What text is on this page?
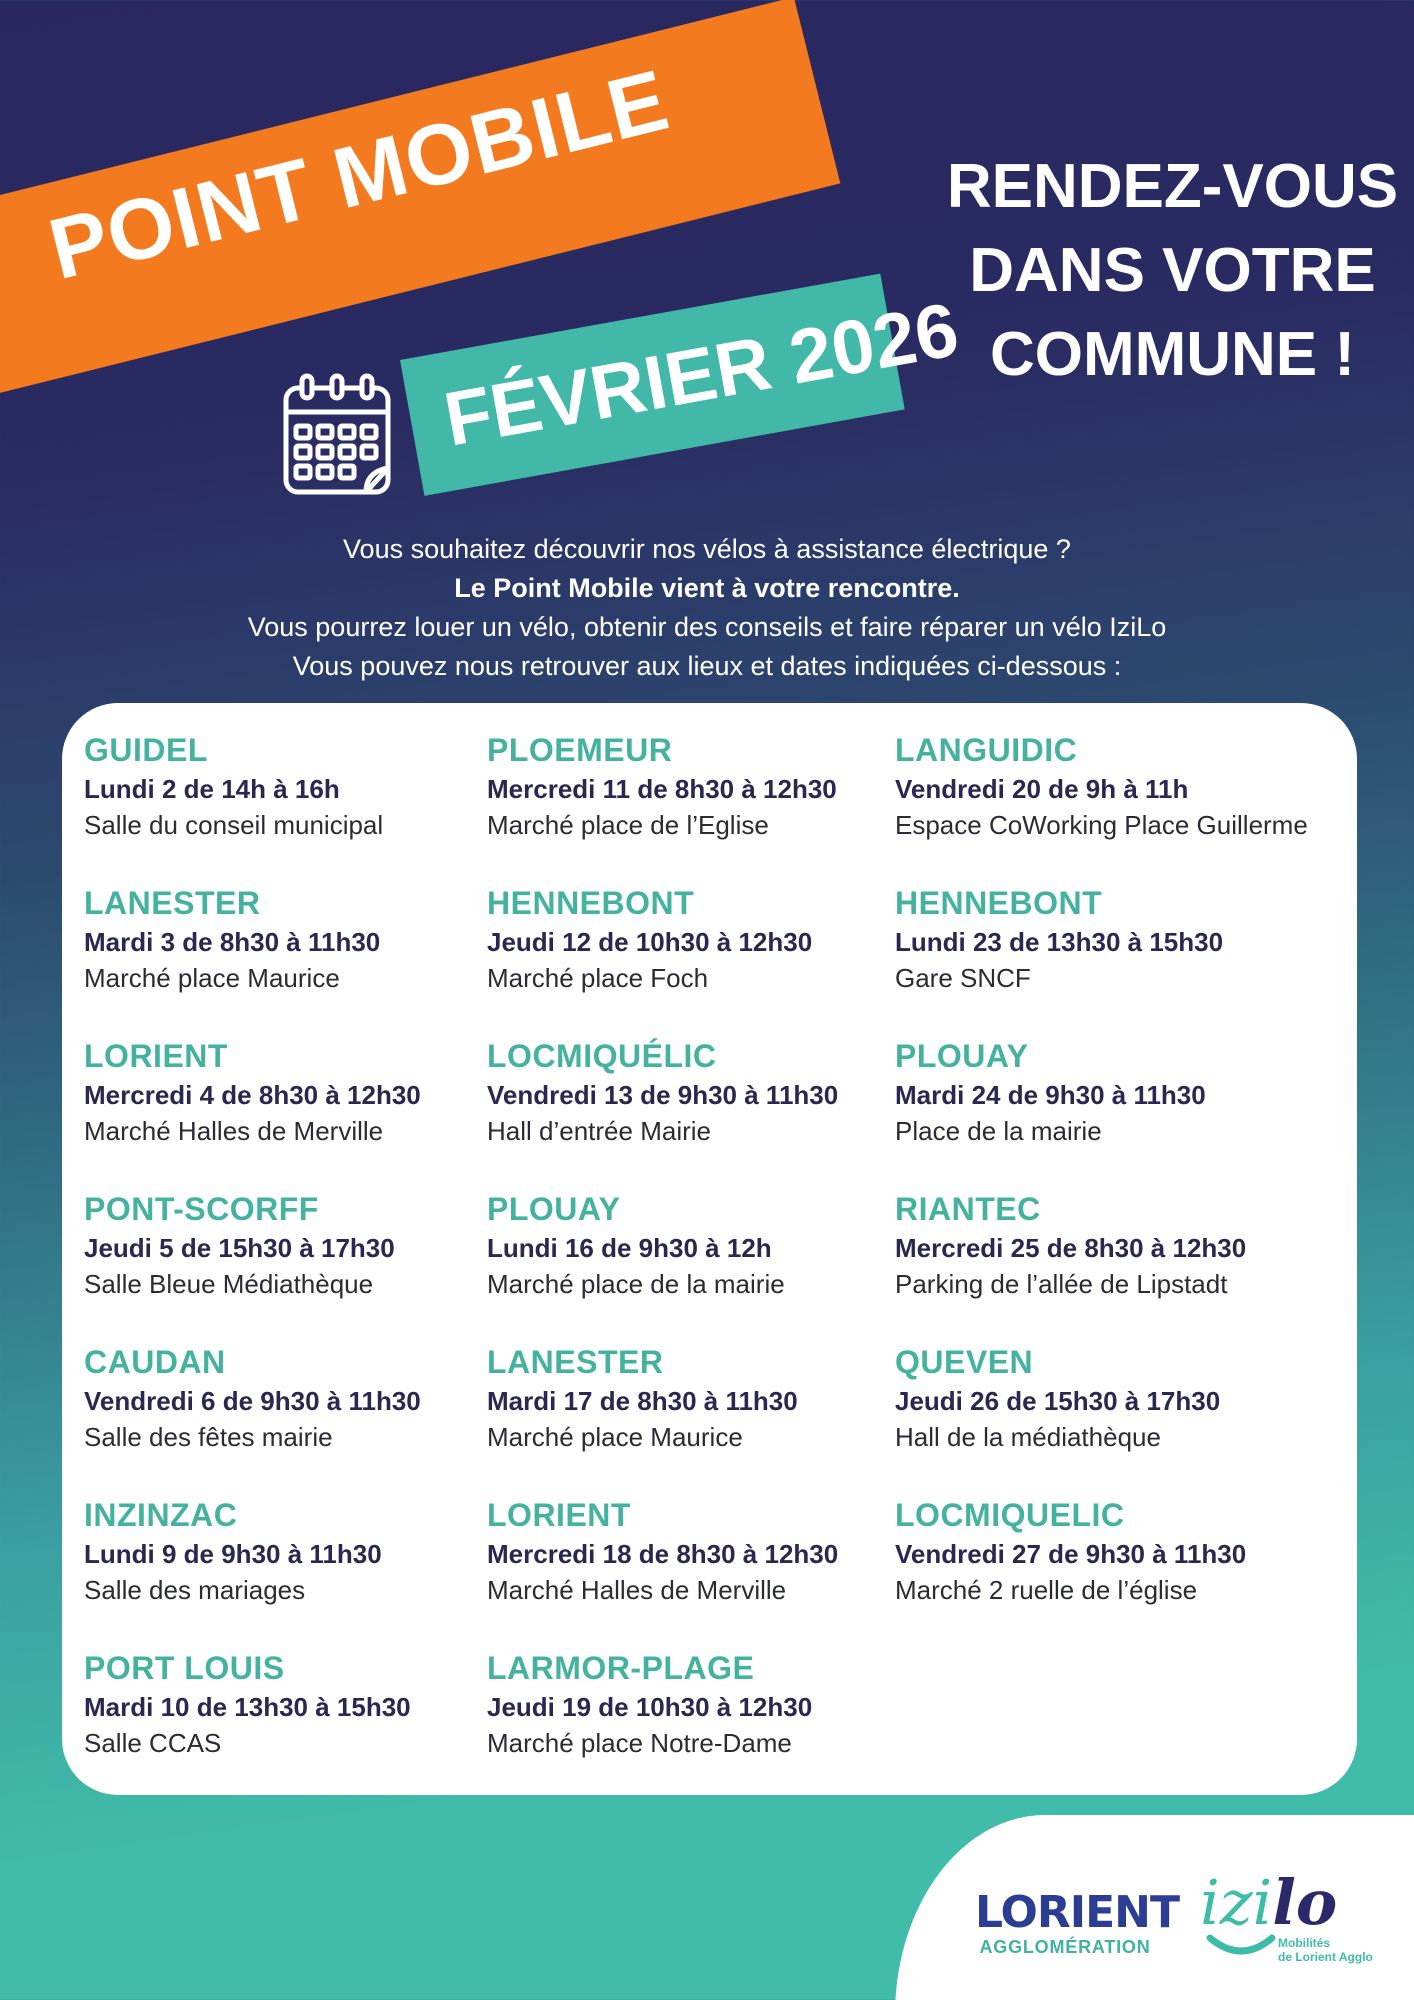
POINT MOBILE
FÉVRIER 2026
RENDEZ-VOUS
DANS VOTRE
COMMUNE !
Vous souhaitez découvrir nos vélos à assistance électrique ?
Le Point Mobile vient à votre rencontre.
Vous pourrez louer un vélo, obtenir des conseils et faire réparer un vélo IziLo
Vous pouvez nous retrouver aux lieux et dates indiquées ci-dessous :
GUIDEL
Lundi 2 de 14h à 16h
Salle du conseil municipal
LANESTER
Mardi 3 de 8h30 à 11h30
Marché place Maurice
LORIENT
Mercredi 4 de 8h30 à 12h30
Marché Halles de Merville
PONT-SCORFF
Jeudi 5 de 15h30 à 17h30
Salle Bleue Médiathèque
CAUDAN
Vendredi 6 de 9h30 à 11h30
Salle des fêtes mairie
INZINZAC
Lundi 9 de 9h30 à 11h30
Salle des mariages
PORT LOUIS
Mardi 10 de 13h30 à 15h30
Salle CCAS
PLOEMEUR
Mercredi 11 de 8h30 à 12h30
Marché place de l’Eglise
HENNEBONT
Jeudi 12 de 10h30 à 12h30
Marché place Foch
LOCMIQUÉLIC
Vendredi 13 de 9h30 à 11h30
Hall d’entrée Mairie
PLOUAY
Lundi 16 de 9h30 à 12h
Marché place de la mairie
LANESTER
Mardi 17 de 8h30 à 11h30
Marché place Maurice
LORIENT
Mercredi 18 de 8h30 à 12h30
Marché Halles de Merville
LARMOR-PLAGE
Jeudi 19 de 10h30 à 12h30
Marché place Notre-Dame
LANGUIDIC
Vendredi 20 de 9h à 11h
Espace CoWorking Place Guillerme
HENNEBONT
Lundi 23 de 13h30 à 15h30
Gare SNCF
PLOUAY
Mardi 24 de 9h30 à 11h30
Place de la mairie
RIANTEC
Mercredi 25 de 8h30 à 12h30
Parking de l’allée de Lipstadt
QUEVEN
Jeudi 26 de 15h30 à 17h30
Hall de la médiathèque
LOCMIQUELIC
Vendredi 27 de 9h30 à 11h30
Marché 2 ruelle de l’église
LORIENT
AGGLOMÉRATION
izilo
Mobilités
de Lorient Agglo
